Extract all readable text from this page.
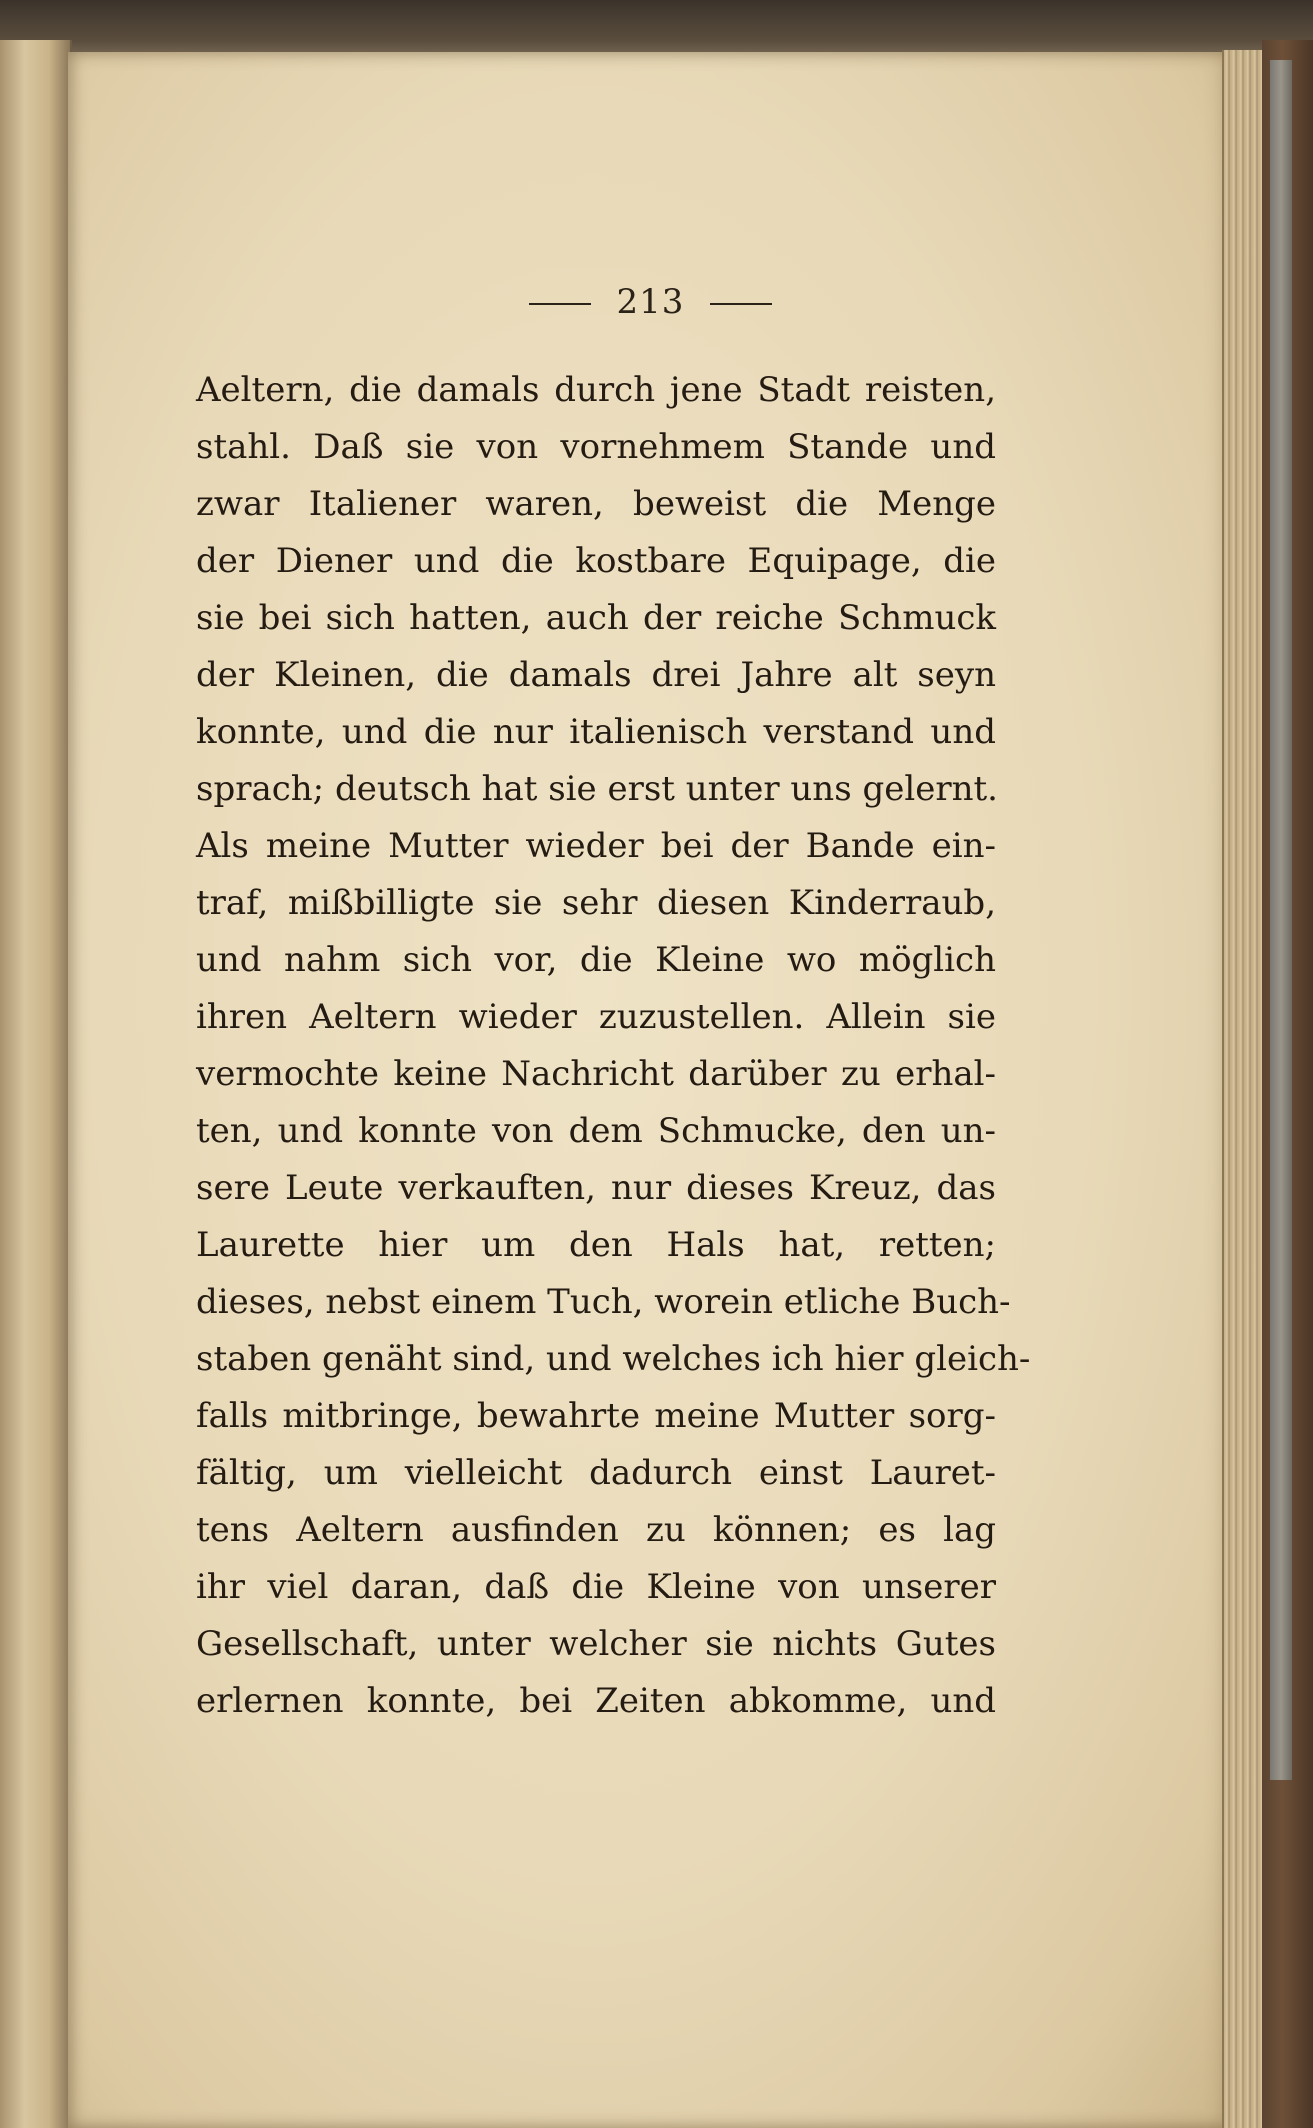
213
Aeltern, die damals durch jene Stadt reisten,
stahl. Daß sie von vornehmem Stande und
zwar Italiener waren, beweist die Menge
der Diener und die kostbare Equipage, die
sie bei sich hatten, auch der reiche Schmuck
der Kleinen, die damals drei Jahre alt seyn
konnte, und die nur italienisch verstand und
sprach; deutsch hat sie erst unter uns gelernt.
Als meine Mutter wieder bei der Bande ein-
traf, mißbilligte sie sehr diesen Kinderraub,
und nahm sich vor, die Kleine wo möglich
ihren Aeltern wieder zuzustellen. Allein sie
vermochte keine Nachricht darüber zu erhal-
ten, und konnte von dem Schmucke, den un-
sere Leute verkauften, nur dieses Kreuz, das
Laurette hier um den Hals hat, retten;
dieses, nebst einem Tuch, worein etliche Buch-
staben genäht sind, und welches ich hier gleich-
falls mitbringe, bewahrte meine Mutter sorg-
fältig, um vielleicht dadurch einst Lauret-
tens Aeltern ausfinden zu können; es lag
ihr viel daran, daß die Kleine von unserer
Gesellschaft, unter welcher sie nichts Gutes
erlernen konnte, bei Zeiten abkomme, und
